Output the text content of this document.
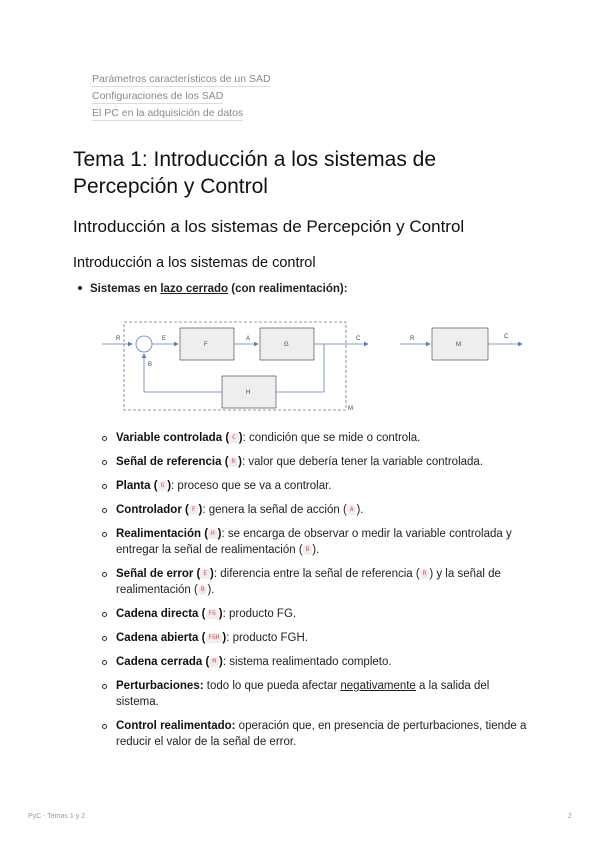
Parámetros característicos de un SAD
Configuraciones de los SAD
El PC en la adquisición de datos
Tema 1: Introducción a los sistemas de Percepción y Control
Introducción a los sistemas de Percepción y Control
Introducción a los sistemas de control
Sistemas en lazo cerrado (con realimentación):
R	E
F
A
G
C
B
H
M
R
M
C
Variable controlada ( C ): condición que se mide o controla.
Señal de referencia ( R ): valor que debería tener la variable controlada.
Planta ( G ): proceso que se va a controlar.
Controlador ( F ): genera la señal de acción ( A ).
Realimentación ( H ): se encarga de observar o medir la variable controlada y entregar la señal de realimentación ( B ).
Señal de error ( E ): diferencia entre la señal de referencia ( R ) y la señal de realimentación ( B ).
Cadena directa ( FG ): producto FG.
Cadena abierta ( FGH ): producto FGH.
Cadena cerrada ( M ): sistema realimentado completo.
Perturbaciones: todo lo que pueda afectar negativamente a la salida del sistema.
Control realimentado: operación que, en presencia de perturbaciones, tiende a reducir el valor de la señal de error.
PyC - Temas 1 y 2	2
